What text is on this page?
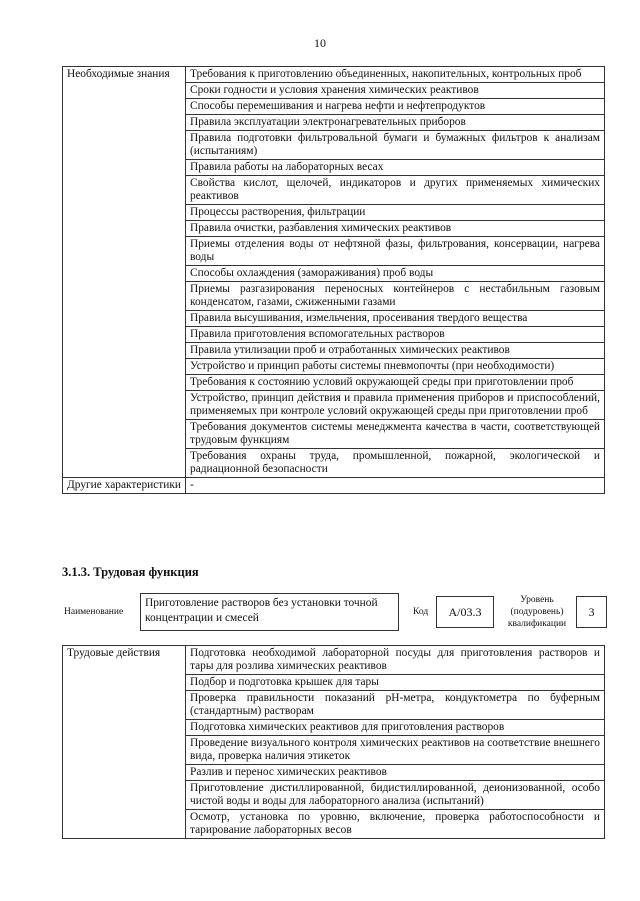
10
Необходимые знания	Требования к приготовлению объединенных, накопительных, контрольных проб
	Сроки годности и условия хранения химических реактивов
	Способы перемешивания и нагрева нефти и нефтепродуктов
	Правила эксплуатации электронагревательных приборов
	Правила подготовки фильтровальной бумаги и бумажных фильтров к анализам (испытаниям)
	Правила работы на лабораторных весах
	Свойства кислот, щелочей, индикаторов и других применяемых химических реактивов
	Процессы растворения, фильтрации
	Правила очистки, разбавления химических реактивов
	Приемы отделения воды от нефтяной фазы, фильтрования, консервации, нагрева воды
	Способы охлаждения (замораживания) проб воды
	Приемы разгазирования переносных контейнеров с нестабильным газовым конденсатом, газами, сжиженными газами
	Правила высушивания, измельчения, просеивания твердого вещества
	Правила приготовления вспомогательных растворов
	Правила утилизации проб и отработанных химических реактивов
	Устройство и принцип работы системы пневмопочты (при необходимости)
	Требования к состоянию условий окружающей среды при приготовлении проб
	Устройство, принцип действия и правила применения приборов и приспособлений, применяемых при контроле условий окружающей среды при приготовлении проб
	Требования документов системы менеджмента качества в части, соответствующей трудовым функциям
	Требования охраны труда, промышленной, пожарной, экологической и радиационной безопасности
Другие характеристики	-
3.1.3. Трудовая функция
Наименование
Приготовление растворов без установки точной концентрации и смесей	Код	A/03.3
Уровень (подуровень) квалификации
3
Трудовые действия	Подготовка необходимой лабораторной посуды для приготовления растворов и тары для розлива химических реактивов
Подбор и подготовка крышек для тары
Проверка правильности показаний pH-метра, кондуктометра по буферным (стандартным) растворам
Подготовка химических реактивов для приготовления растворов
Проведение визуального контроля химических реактивов на соответствие внешнего вида, проверка наличия этикеток
Разлив и перенос химических реактивов
Приготовление дистиллированной, бидистиллированной, деионизованной, особо чистой воды и воды для лабораторного анализа (испытаний)
Осмотр, установка по уровню, включение, проверка работоспособности и тарирование лабораторных весов
